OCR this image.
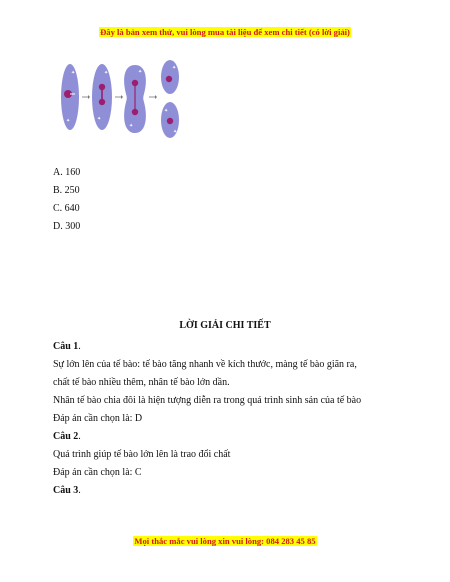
Đây là bản xem thử, vui lòng mua tài liệu để xem chi tiết (có lời giải)
✦
✦
✦
✦
✦
✦
✦
✦
✦
A. 160
B. 250
C. 640
D. 300
LỜI GIẢI CHI TIẾT
Câu 1.
Sự lớn lên của tế bào: tế bào tăng nhanh về kích thước, màng tế bào giãn ra,
chất tế bào nhiều thêm, nhân tế bào lớn dần.
Nhân tế bào chia đôi là hiện tượng diễn ra trong quá trình sinh sản của tế bào
Đáp án cần chọn là: D
Câu 2.
Quá trình giúp tế bào lớn lên là trao đổi chất
Đáp án cần chọn là: C
Câu 3.
Mọi thắc mắc vui lòng xin vui lòng: 084 283 45 85
